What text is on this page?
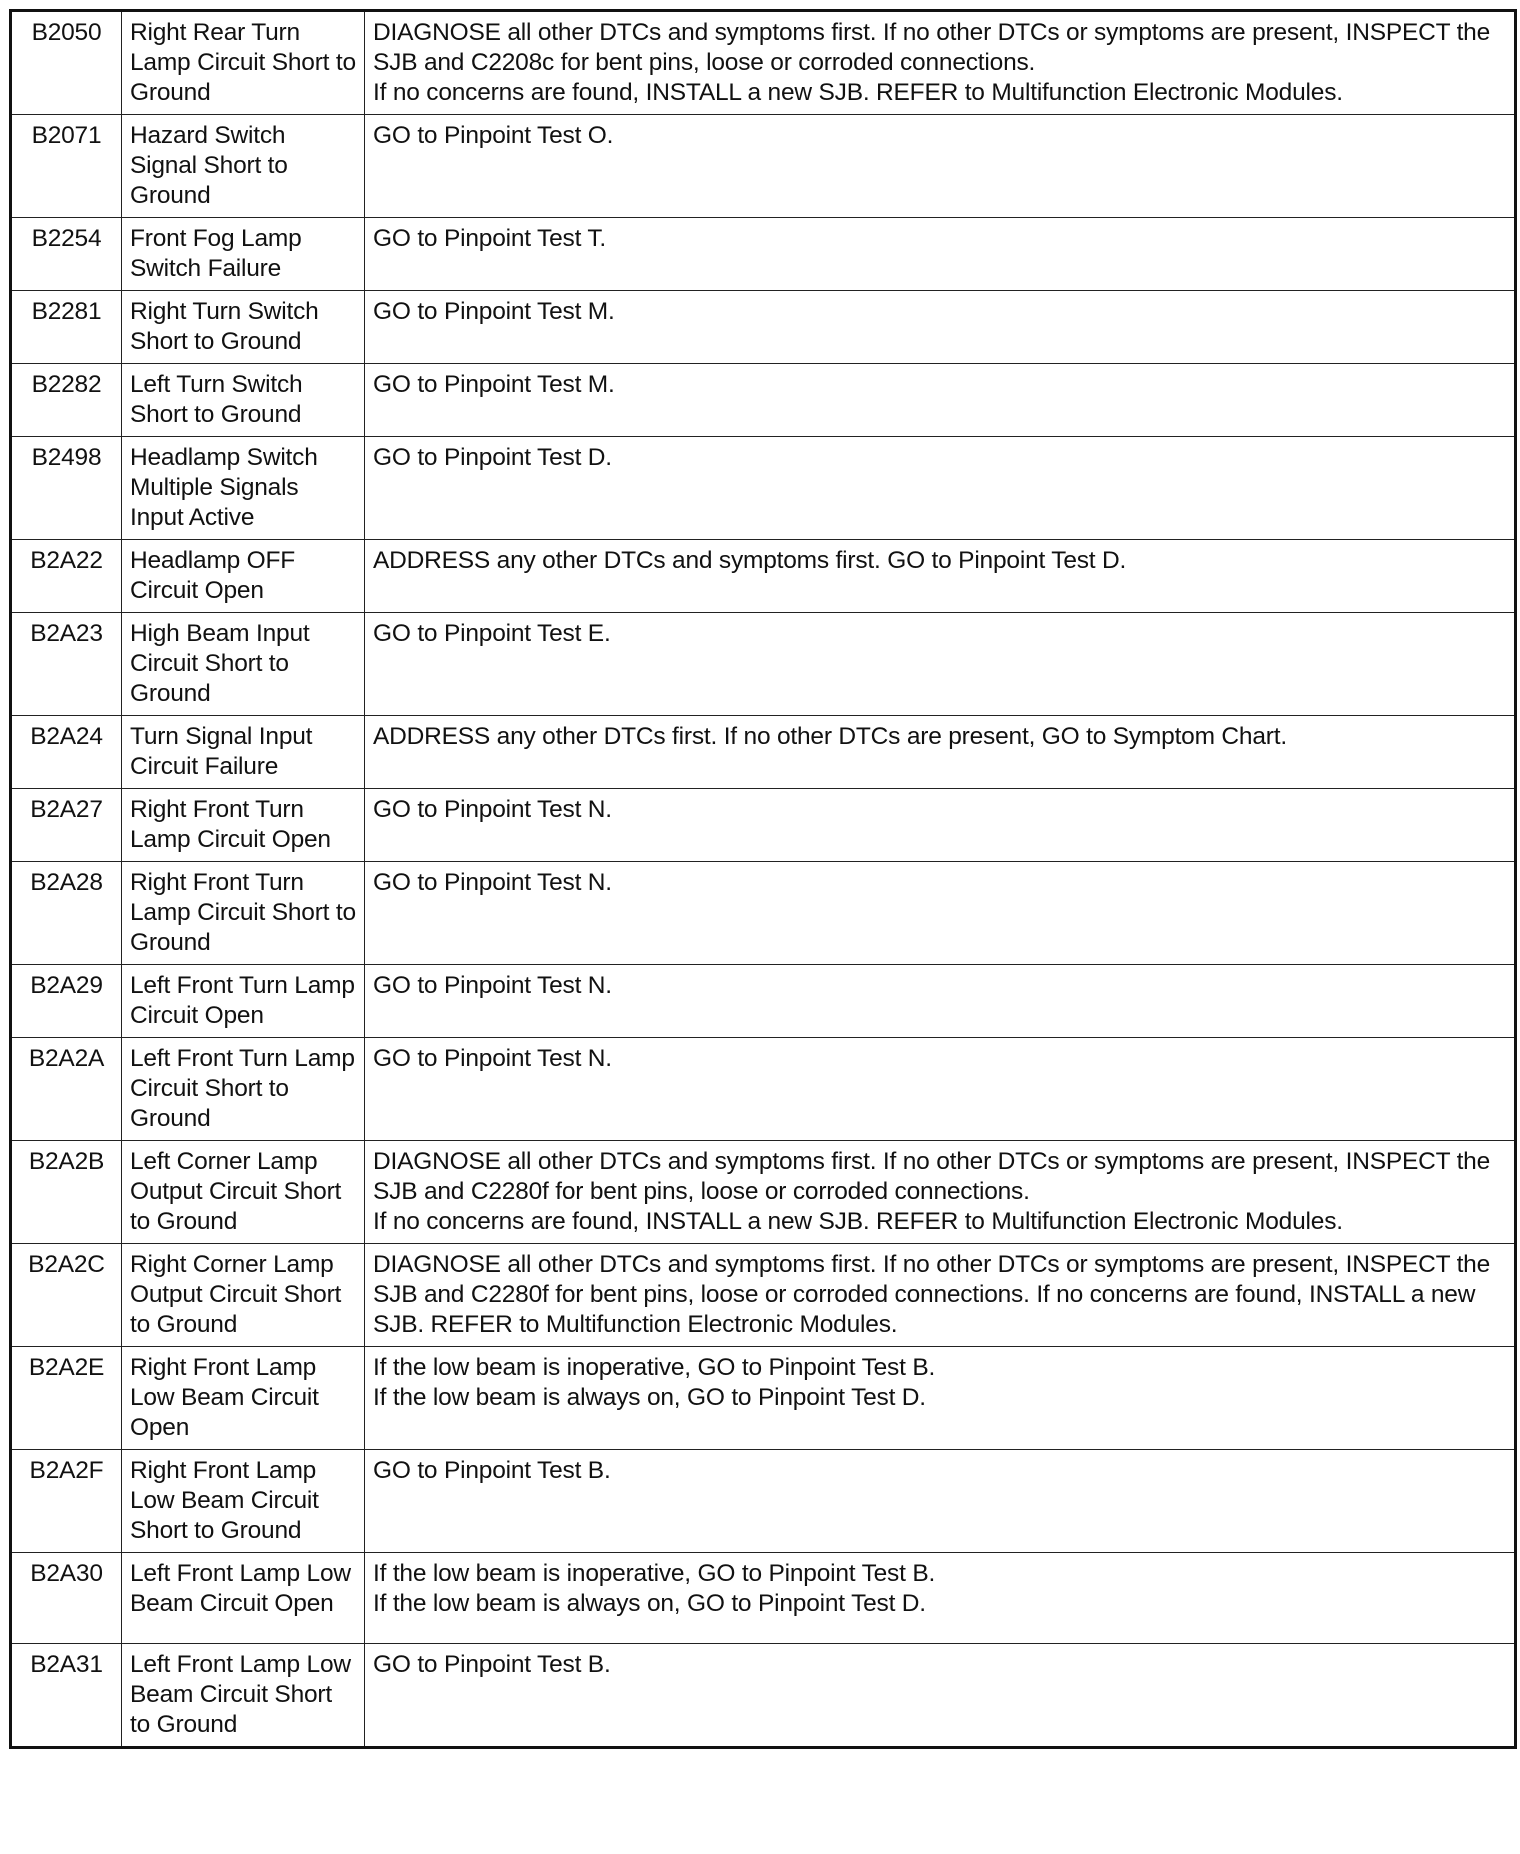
B2050	Right Rear Turn Lamp Circuit Short to Ground	DIAGNOSE all other DTCs and symptoms first. If no other DTCs or symptoms are present, INSPECT the SJB and C2208c for bent pins, loose or corroded connections.
If no concerns are found, INSTALL a new SJB. REFER to Multifunction Electronic Modules.

B2071	Hazard Switch Signal Short to Ground	GO to Pinpoint Test O.

B2254	Front Fog Lamp Switch Failure	GO to Pinpoint Test T.

B2281	Right Turn Switch Short to Ground	GO to Pinpoint Test M.

B2282	Left Turn Switch Short to Ground	GO to Pinpoint Test M.

B2498	Headlamp Switch Multiple Signals Input Active	GO to Pinpoint Test D.

B2A22	Headlamp OFF Circuit Open	ADDRESS any other DTCs and symptoms first. GO to Pinpoint Test D.

B2A23	High Beam Input Circuit Short to Ground	GO to Pinpoint Test E.

B2A24	Turn Signal Input Circuit Failure	ADDRESS any other DTCs first. If no other DTCs are present, GO to Symptom Chart.

B2A27	Right Front Turn Lamp Circuit Open	GO to Pinpoint Test N.

B2A28	Right Front Turn Lamp Circuit Short to Ground	GO to Pinpoint Test N.

B2A29	Left Front Turn Lamp Circuit Open	GO to Pinpoint Test N.

B2A2A	Left Front Turn Lamp Circuit Short to Ground	GO to Pinpoint Test N.

B2A2B	Left Corner Lamp Output Circuit Short to Ground	DIAGNOSE all other DTCs and symptoms first. If no other DTCs or symptoms are present, INSPECT the SJB and C2280f for bent pins, loose or corroded connections.
If no concerns are found, INSTALL a new SJB. REFER to Multifunction Electronic Modules.

B2A2C	Right Corner Lamp Output Circuit Short to Ground	DIAGNOSE all other DTCs and symptoms first. If no other DTCs or symptoms are present, INSPECT the SJB and C2280f for bent pins, loose or corroded connections. If no concerns are found, INSTALL a new SJB. REFER to Multifunction Electronic Modules.

B2A2E	Right Front Lamp Low Beam Circuit Open	If the low beam is inoperative, GO to Pinpoint Test B.
If the low beam is always on, GO to Pinpoint Test D.

B2A2F	Right Front Lamp Low Beam Circuit Short to Ground	GO to Pinpoint Test B.

B2A30	Left Front Lamp Low Beam Circuit Open	If the low beam is inoperative, GO to Pinpoint Test B.
If the low beam is always on, GO to Pinpoint Test D.

B2A31	Left Front Lamp Low Beam Circuit Short to Ground	GO to Pinpoint Test B.
